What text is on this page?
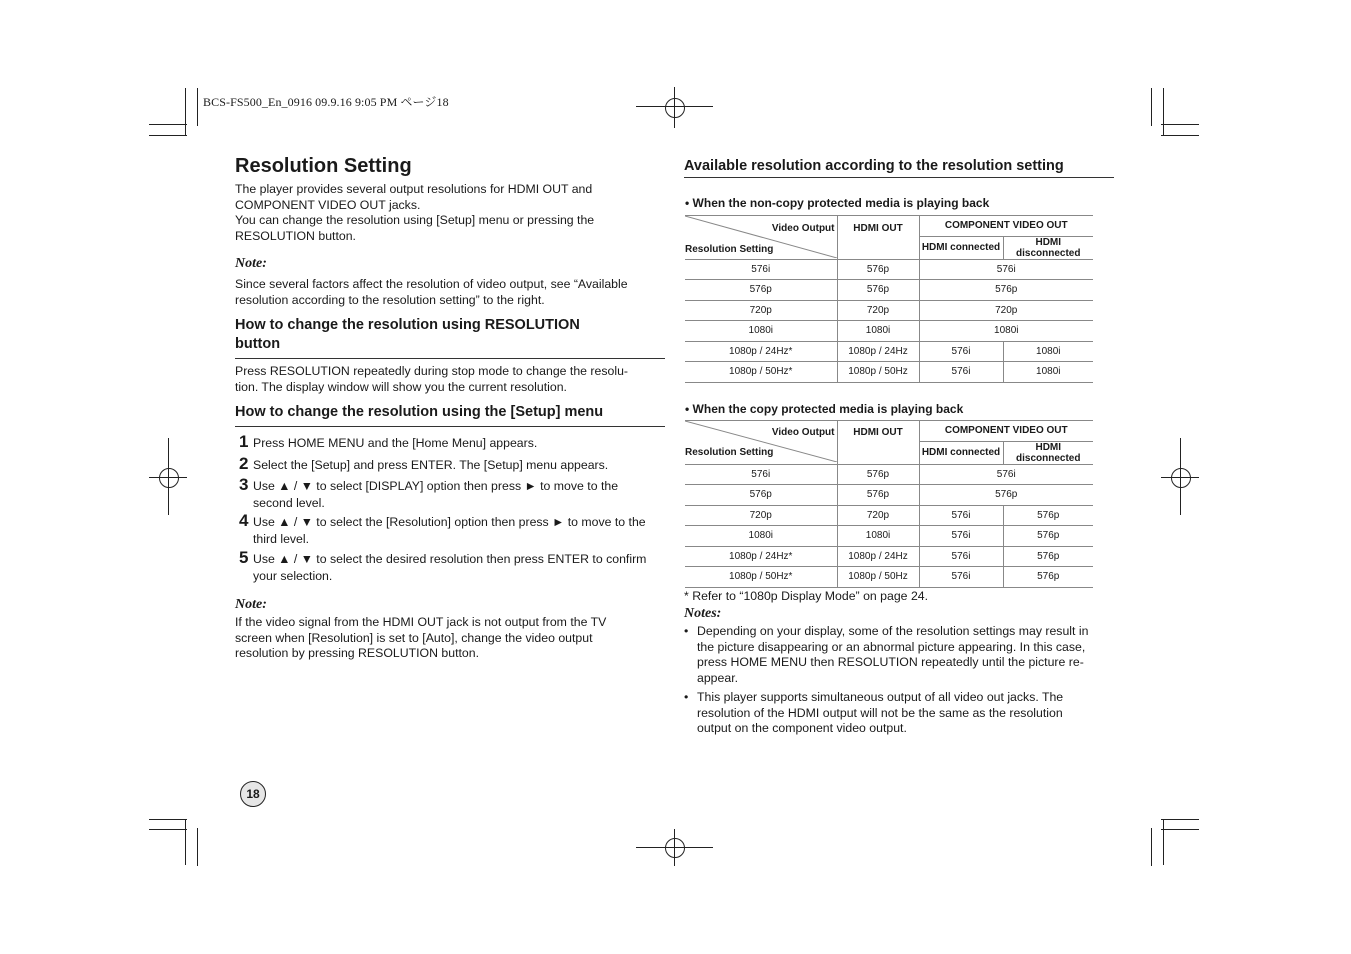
BCS-FS500_En_0916 09.9.16 9:05 PM ページ18
Resolution Setting
The player provides several output resolutions for HDMI OUT and
COMPONENT VIDEO OUT jacks.
You can change the resolution using [Setup] menu or pressing the
RESOLUTION button.
Note:
Since several factors affect the resolution of video output, see “Available
resolution according to the resolution setting” to the right.
How to change the resolution using RESOLUTION
button
Press RESOLUTION repeatedly during stop mode to change the resolu-
tion. The display window will show you the current resolution.
How to change the resolution using the [Setup] menu
1 Press HOME MENU and the [Home Menu] appears.
2 Select the [Setup] and press ENTER. The [Setup] menu appears.
3 Use ▲ / ▼ to select [DISPLAY] option then press ► to move to the
second level.
4 Use ▲ / ▼ to select the [Resolution] option then press ► to move to the
third level.
5 Use ▲ / ▼ to select the desired resolution then press ENTER to confirm
your selection.
Note:
If the video signal from the HDMI OUT jack is not output from the TV
screen when [Resolution] is set to [Auto], change the video output
resolution by pressing RESOLUTION button.
18
Available resolution according to the resolution setting
• When the non-copy protected media is playing back
Video Output
Resolution Setting	HDMI OUT	COMPONENT VIDEO OUT	
		HDMI connected	HDMI disconnected
576i	576p	576i	
576p	576p	576p	
720p	720p	720p	
1080i	1080i	1080i	
1080p / 24Hz*	1080p / 24Hz	576i	1080i
1080p / 50Hz*	1080p / 50Hz	576i	1080i
• When the copy protected media is playing back
Video Output
Resolution Setting	HDMI OUT	COMPONENT VIDEO OUT	
		HDMI connected	HDMI disconnected
576i	576p	576i	
576p	576p	576p	
720p	720p	576i	576p
1080i	1080i	576i	576p
1080p / 24Hz*	1080p / 24Hz	576i	576p
1080p / 50Hz*	1080p / 50Hz	576i	576p
* Refer to “1080p Display Mode” on page 24.
Notes:
• Depending on your display, some of the resolution settings may result in
the picture disappearing or an abnormal picture appearing. In this case,
press HOME MENU then RESOLUTION repeatedly until the picture re-
appear.
• This player supports simultaneous output of all video out jacks. The
resolution of the HDMI output will not be the same as the resolution
output on the component video output.
